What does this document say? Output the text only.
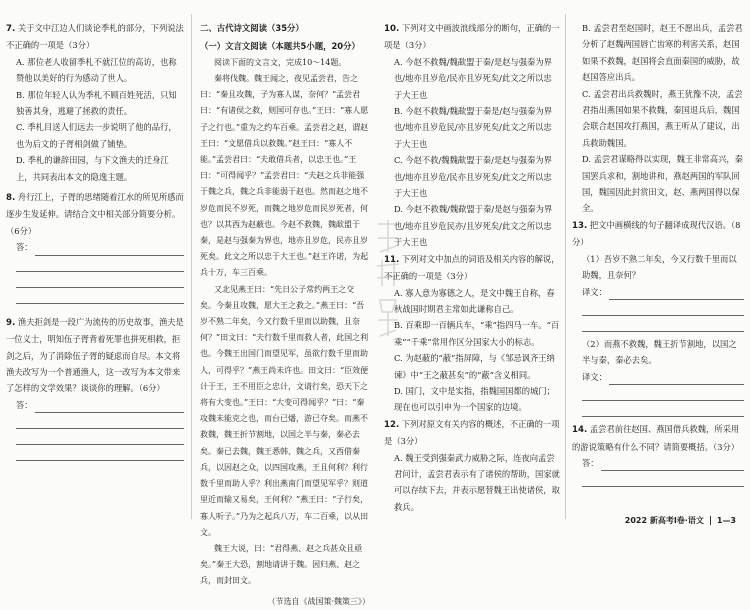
7. 关于文中江边人们谈论季札的部分，下列说法不正确的一项是（3分）

A. 那位老人收留季札不就江位的高访，也称赞他以美好的行为感动了世人。

B. 那位年轻人认为季札不顾百姓死活，只知独善其身，逃避了拯救的责任。

C. 季札目送人们远去一步说明了他的品行，也为后文的子胥相剑做了铺垫。

D. 季札的谦辞田园，与下文渔夫的迁身江上，共同表出本文的隐逸主题。

8. 舟行江上，子胥的思绪随着江水的所见所感而逐步生发延伸。请结合文中相关部分简要分析。（6分）

答：

9. 渔夫拒剑是一段广为流传的历史故事，渔夫是一位义士，明知伍子胥背着死罪也拼死相救，拒剑之后，为了消除伍子胥的疑虑而自尽。本文将渔夫改写为一个普通渔人，这一改写为本文带来了怎样的文学效果？谈谈你的理解。（6分）

答：
二、古代诗文阅读（35分）
（一）文言文阅读（本题共5小题，20分）

阅读下面的文言文，完成10～14题。

秦将伐魏。魏王闻之，夜见孟尝君，告之曰：“秦且攻魏，子为寡人谋，奈何？”孟尝君曰：“有诸侯之救，则国可存也。”王曰：“寡人愿子之行也。”重为之约车百乘。孟尝君之赵，谓赵王曰：“文愿借兵以救魏。”赵王曰：“寡人不能。”孟尝君曰：“夫敢借兵者，以忠王也。”王曰：“可得闻乎？”孟尝君曰：“夫赵之兵非能强于魏之兵，魏之兵非能弱于赵也。然而赵之地不岁危而民不岁死，而魏之地岁危而民岁死者，何也？以其西为赵蔽也。今赵不救魏，魏歃盟于秦，是赵与强秦为界也，地亦且岁危，民亦且岁死矣。此文之所以忠于大王也。”赵王许诺，为起兵十万，车三百乘。

又北见燕王曰：“先日公子常约两王之交矣。今秦且攻魏，愿大王之救之。”燕王曰：“吾岁不熟二年矣，今又行数千里而以助魏，且奈何？”田文曰：“夫行数千里而救人者，此国之利也。今魏王出国门而望见军，虽欲行数千里而助人，可得乎？”燕王尚未许也。田文曰：“臣效便计于王，王不用臣之忠计，文请行矣，恐天下之将有大变也。”王曰：“大变可得闻乎？”曰：“秦攻魏未能克之也，而台已燔，游已夺矣。而燕不救魏，魏王折节割地，以国之半与秦，秦必去矣。秦已去魏，魏王悉韩、魏之兵，又西借秦兵，以因赵之众，以四国攻燕，王且何利？利行数千里而助人乎？利出燕南门而望见军乎？则道里近而输又易矣，王何利？”燕王曰：“子行矣，寡人听子。”乃为之起兵八万，车二百乘，以从田文。

魏王大说，曰：“君得燕、赵之兵甚众且亟矣。”秦王大恐，割地请讲于魏。因归燕、赵之兵，而封田文。

（节选自《战国策·魏策三》）

10. 下列对文中画波浪线部分的断句，正确的一项是（3分）

A. 今赵不救魏/魏歃盟于秦/是赵与强秦为界也/地亦且岁危/民亦且岁死矣/此文之所以忠于大王也

B. 今赵不救魏/魏歃盟于秦是/赵与强秦为界也/地亦且岁危民/亦且岁死矣/此文之所以忠于大王也

C. 今赵不救/魏魏歃盟于秦/是赵与强秦为界也/地亦且岁危/民亦且岁死矣/此文之所以忠于大王也

D. 今赵不救魏/魏歃盟于秦/是赵与强秦为界也/地亦且岁危民亦/且岁死矣/此文之所以忠于大王也

11. 下列对文中加点的词语及相关内容的解说，不正确的一项是（3分）

A. 寡人意为寡德之人，是文中魏王自称，春秋战国时期君主常如此谦称自己。

B. 百乘即一百辆兵车，“乘”指四马一车。“百乘”“千乘”常用作区分国家大小的标志。

C. 为赵蔽的“蔽”指屏障，与《邹忌讽齐王纳谏》中“王之蔽甚矣”的“蔽”含义相同。

D. 国门，文中是实指，指魏国国都的城门；现在也可以引申为一个国家的边境。

12. 下列对原文有关内容的概述，不正确的一项是（3分）

A. 魏王受到强秦武力威胁之际，连夜向孟尝君问计，孟尝君表示有了诸侯的帮助，国家就可以存续下去，并表示愿替魏王出使诸侯，取救兵。

B. 孟尝君至赵国时，赵王不愿出兵，孟尝君分析了赵魏两国唇亡齿寒的利害关系，赵国如果不救魏，赵国将会直面秦国的威胁，故赵国答应出兵。

C. 孟尝君出兵救魏时，燕王犹豫不决，孟尝君指出燕国如果不救魏，秦国退兵后，魏国会联合赵国攻打燕国，燕王听从了建议，出兵救助魏国。

D. 孟尝君谋略得以实现，魏王非常高兴，秦国罢兵求和，割地讲和，燕赵两国的军队回国，魏国因此封赏田文，赵、燕两国得以保全。

13. 把文中画横线的句子翻译成现代汉语。（8分）

（1）吾岁不熟二年矣，今又行数千里而以助魏，且奈何？

译文：

（2）而燕不救魏，魏王折节割地，以国之半与秦，秦必去矣。

译文：

14. 孟尝君前往赵国、燕国借兵救魏，所采用的游说策略有什么不同？请简要概括。（3分）

答：
2022 新高考Ⅰ卷·语文 1—3
